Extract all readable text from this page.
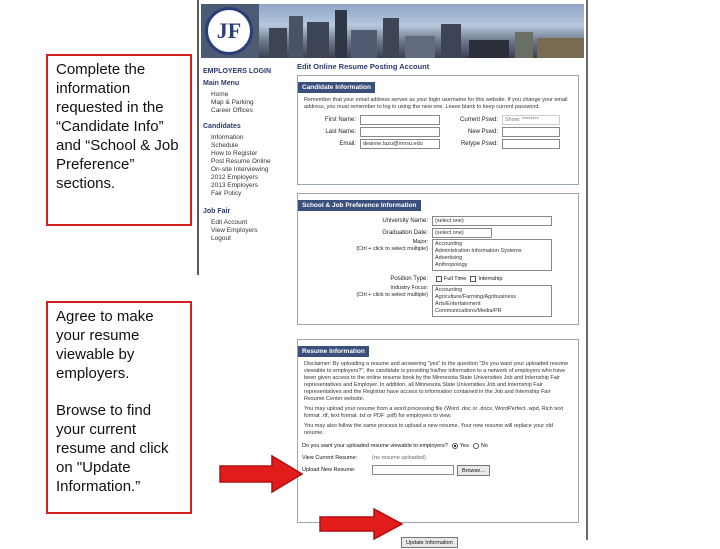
Complete the information requested in the “Candidate Info” and “School & Job Preference” sections.

Agree to make your resume viewable by employers.

Browse to find your current resume and click on "Update Information.”

JF
EMPLOYERS LOGIN
Main Menu
Home
Map & Parking
Career Offices
Candidates
Information
Schedule
How to Register
Post Resume Online
On-site Interviewing
2012 Employers
2013 Employers
Fair Policy
Job Fair
Edit Account
View Employers
Logout
Edit Online Resume Posting Account
Candidate Information
Remember that your email address serves as your login username for this website. If you change your email address, you must remember to log in using the new one. Leave blank to keep current password.
First Name:	Current Pswd:	Show: ********
Last Name:	New Pswd:
Email:	deanne.lazu@mnsu.edu	Retype Pswd:
School & Job Preference Information
University Name:	(select one)
Graduation Date:	(select one)
Major:
(Ctrl + click to select multiple)
Accounting
Administration Information Systems
Advertising
Anthropology
Position Type:	Full Time Internship
Industry Focus:
(Ctrl + click to select multiple)
Accounting
Agriculture/Farming/Agribusiness
Arts/Entertainment
Communications/Media/PR
Resume Information
Disclaimer: By uploading a resume and answering "yes" to the question "Do you want your uploaded resume viewable to employers?", the candidate is providing his/her information to a network of employers who have been given access to the online resume book by the Minnesota State Universities Job and Internship Fair representatives and Employer. In addition, all Minnesota State Universities Job and Internship Fair representatives and the Registrar have access to information contained in the Job and Internship Fair Resume Center website.
You may upload your resume from a word processing file (Word .doc or .docx, WordPerfect .wpd, Rich text format .rtf, text format .txt or PDF .pdf) for employers to view.
You may also follow the same process to upload a new resume. Your new resume will replace your old resume.
Do you want your uploaded resume viewable to employers? Yes No
View Current Resume:	(no resume uploaded)
Upload New Resume:	Browse...
Update Information
